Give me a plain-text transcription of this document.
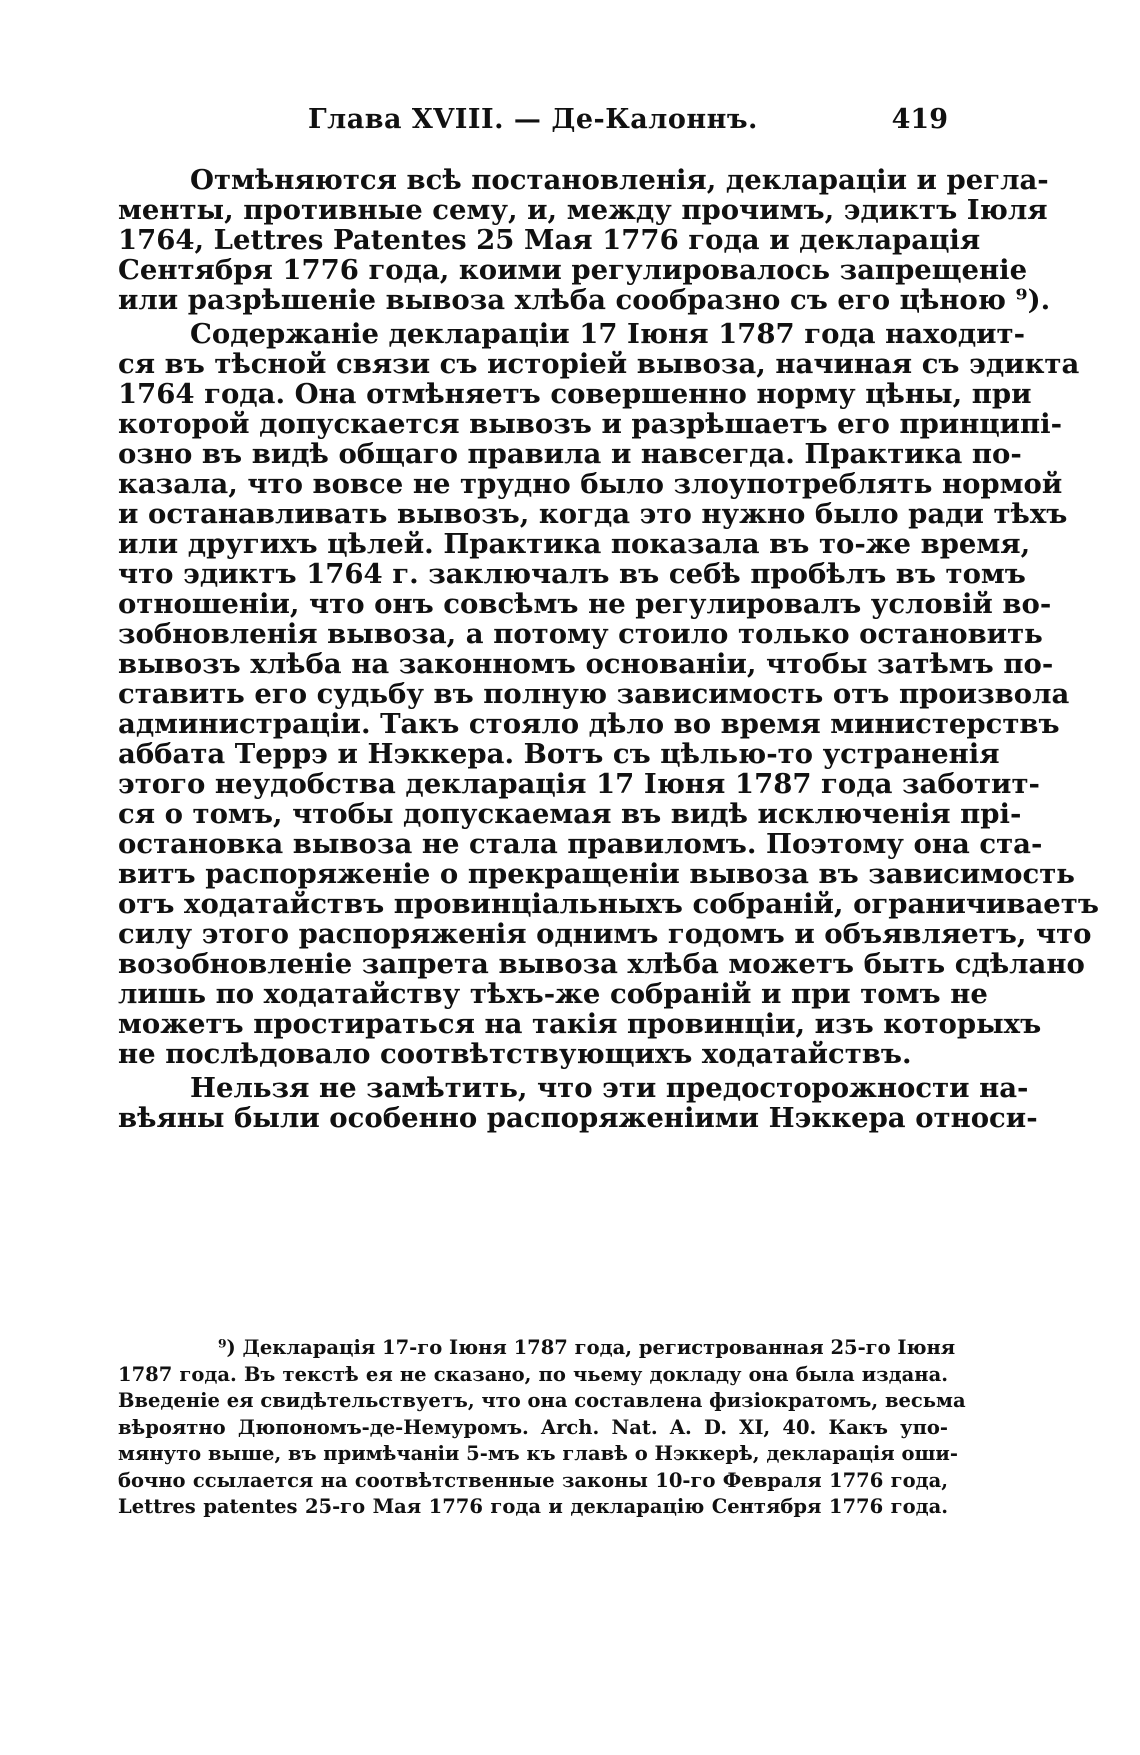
Глава XVIII. — Де-Калоннъ.	419

Отмѣняются всѣ постановленія, деклараціи и регла-
менты, противные сему, и, между прочимъ, эдиктъ Іюля
1764, Lettres Patentes 25 Мая 1776 года и декларація
Сентября 1776 года, коими регулировалось запрещеніе
или разрѣшеніе вывоза хлѣба сообразно съ его цѣною ⁹).

Содержаніе деклараціи 17 Іюня 1787 года находит-
ся въ тѣсной связи съ исторіей вывоза, начиная съ эдикта
1764 года. Она отмѣняетъ совершенно норму цѣны, при
которой допускается вывозъ и разрѣшаетъ его принципі-
озно въ видѣ общаго правила и навсегда. Практика по-
казала, что вовсе не трудно было злоупотреблять нормой
и останавливать вывозъ, когда это нужно было ради тѣхъ
или другихъ цѣлей. Практика показала въ то-же время,
что эдиктъ 1764 г. заключалъ въ себѣ пробѣлъ въ томъ
отношеніи, что онъ совсѣмъ не регулировалъ условій во-
зобновленія вывоза, а потому стоило только остановить
вывозъ хлѣба на законномъ основаніи, чтобы затѣмъ по-
ставить его судьбу въ полную зависимость отъ произвола
администраціи. Такъ стояло дѣло во время министерствъ
аббата Террэ и Нэккера. Вотъ съ цѣлью-то устраненія
этого неудобства декларація 17 Іюня 1787 года заботит-
ся о томъ, чтобы допускаемая въ видѣ исключенія прі-
остановка вывоза не стала правиломъ. Поэтому она ста-
витъ распоряженіе о прекращеніи вывоза въ зависимость
отъ ходатайствъ провинціальныхъ собраній, ограничиваетъ
силу этого распоряженія однимъ годомъ и объявляетъ, что
возобновленіе запрета вывоза хлѣба можетъ быть сдѣлано
лишь по ходатайству тѣхъ-же собраній и при томъ не
можетъ простираться на такія провинціи, изъ которыхъ
не послѣдовало соотвѣтствующихъ ходатайствъ.

Нельзя не замѣтить, что эти предосторожности на-
вѣяны были особенно распоряженіими Нэккера относи-

⁹) Декларація 17-го Іюня 1787 года, регистрованная 25-го Іюня
1787 года. Въ текстѣ ея не сказано, по чьему докладу она была издана.
Введеніе ея свидѣтельствуетъ, что она составлена физіократомъ, весьма
вѣроятно Дюпономъ-де-Немуромъ. Arch. Nat. A. D. XI, 40. Какъ упо-
мянуто выше, въ примѣчаніи 5-мъ къ главѣ о Нэккерѣ, декларація оши-
бочно ссылается на соотвѣтственные законы 10-го Февраля 1776 года,
Lettres patentes 25-го Мая 1776 года и декларацію Сентября 1776 года.
